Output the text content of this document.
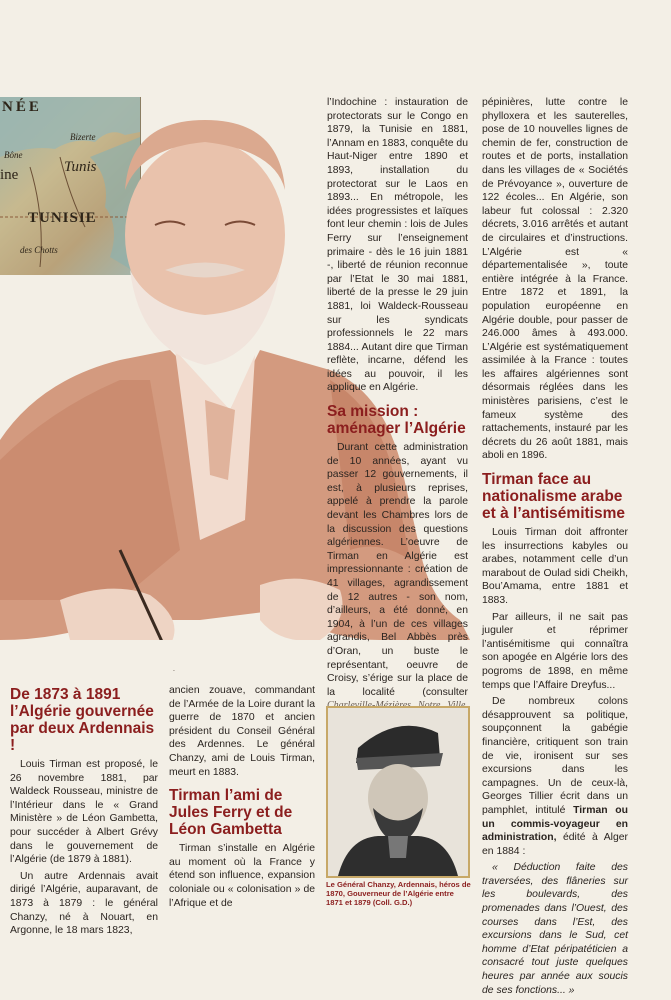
NÉE
Bizerte
Bône
Tunis
ine
TUNISIE
des Chotts
De 1873 à 1891 l’Algérie gouvernée par deux Ardennais !

Louis Tirman est proposé, le 26 novembre 1881, par Waldeck Rousseau, ministre de l’Intérieur dans le « Grand Ministère » de Léon Gambetta, pour succéder à Albert Grévy dans le gouvernement de l’Algérie (de 1879 à 1881).

Un autre Ardennais avait dirigé l’Algérie, auparavant, de 1873 à 1879 : le général Chanzy, né à Nouart, en Argonne, le 18 mars 1823,

ancien zouave, commandant de l’Armée de la Loire durant la guerre de 1870 et ancien président du Conseil Général des Ardennes. Le général Chanzy, ami de Louis Tirman, meurt en 1883.

Tirman l’ami de Jules Ferry et de Léon Gambetta

Tirman s’installe en Algérie au moment où la France y étend son influence, expansion coloniale ou « colonisation » de l’Afrique et de

l’Indochine : instauration de protectorats sur le Congo en 1879, la Tunisie en 1881, l’Annam en 1883, conquête du Haut-Niger entre 1890 et 1893, installation du protectorat sur le Laos en 1893... En métropole, les idées progressistes et laïques font leur chemin : lois de Jules Ferry sur l’enseignement primaire - dès le 16 juin 1881 -, liberté de réunion reconnue par l’Etat le 30 mai 1881, liberté de la presse le 29 juin 1881, loi Waldeck-Rousseau sur les syndicats professionnels le 22 mars 1884... Autant dire que Tirman reflète, incarne, défend les idées au pouvoir, il les applique en Algérie.

Sa mission : aménager l’Algérie

Durant cette administration de 10 années, ayant vu passer 12 gouvernements, il est, à plusieurs reprises, appelé à prendre la parole devant les Chambres lors de la discussion des questions algériennes. L’oeuvre de Tirman en Algérie est impressionnante : création de 41 villages, agrandissement de 12 autres - son nom, d’ailleurs, a été donné, en 1904, à l’un de ces villages agrandis, Bel Abbès près d’Oran, un buste le représentant, oeuvre de Croisy, s’érige sur la place de la localité (consulter

Le Général Chanzy, Ardennais, héros de 1870, Gouverneur de l’Algérie entre 1871 et 1879 (Coll. G.D.)

pépinières, lutte contre le phylloxera et les sauterelles, pose de 10 nouvelles lignes de chemin de fer, construction de routes et de ports, installation dans les villages de « Sociétés de Prévoyance », ouverture de 122 écoles... En Algérie, son labeur fut colossal : 2.320 décrets, 3.016 arrêtés et autant de circulaires et d’instructions. L’Algérie est « départementalisée », toute entière intégrée à la France. Entre 1872 et 1891, la population européenne en Algérie double, pour passer de 246.000 âmes à 493.000. L’Algérie est systématiquement assimilée à la France : toutes les affaires algériennes sont désormais réglées dans les ministères parisiens, c’est le fameux système des rattachements, instauré par les décrets du 26 août 1881, mais aboli en 1896.

Tirman face au nationalisme arabe et à l’antisémitisme

Louis Tirman doit affronter les insurrections kabyles ou arabes, notamment celle d’un marabout de Oulad sidi Cheikh, Bou’Amama, entre 1881 et 1883.

Par ailleurs, il ne sait pas juguler et réprimer l’antisémitisme qui connaîtra son apogée en Algérie lors des pogroms de 1898, en même temps que l’Affaire Dreyfus...

De nombreux colons désapprouvent sa politique, soupçonnent la gabégie financière, critiquent son train de vie, ironisent sur ses excursions dans les campagnes. Un de ceux-là, Georges Tillier écrit dans un pamphlet, intitulé Tirman ou un commis-voyageur en administration, édité à Alger en 1884 :

« Déduction faite des traversées, des flâneries sur les boulevards, des promenades dans l’Ouest, des courses dans l’Est, des excursions dans le Sud, cet homme d’Etat péripatéticien a consacré tout juste quelques heures par année aux soucis de ses fonctions... »
